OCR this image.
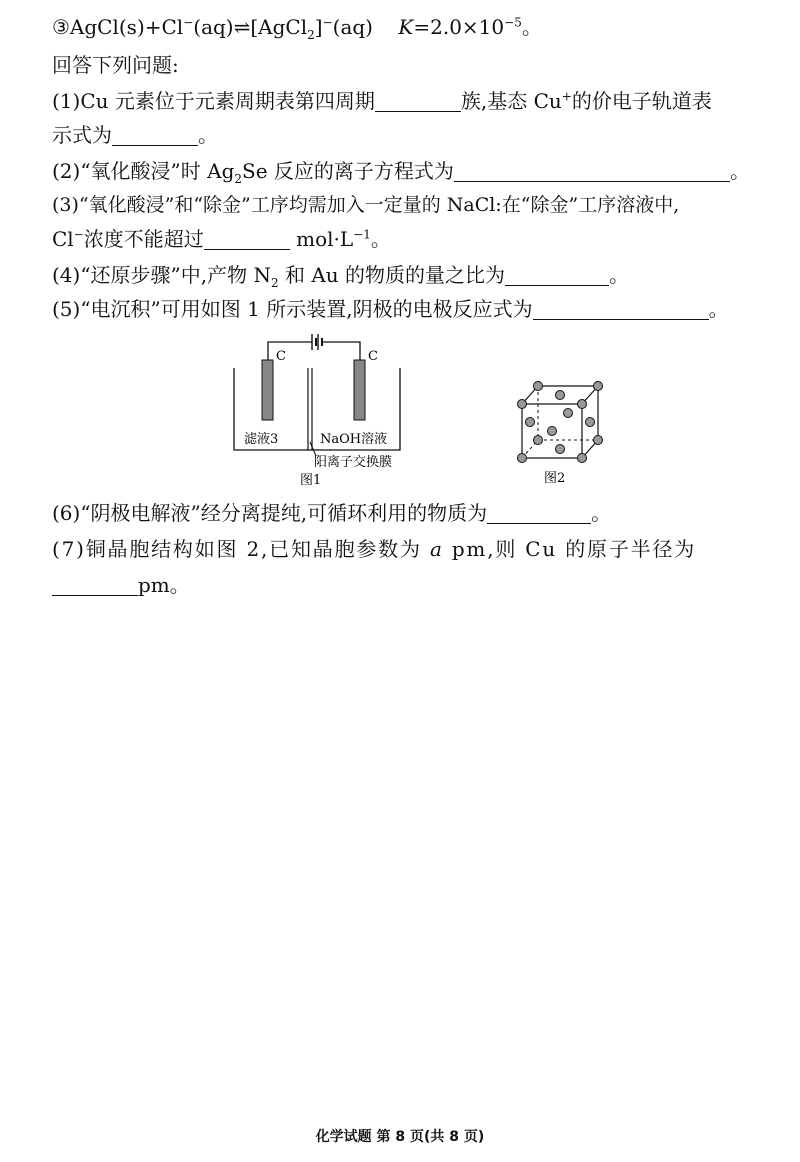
③AgCl(s)+Cl−(aq)⇌[AgCl$_2$]−(aq)    $K=2.0\times 10^{-5}$。
回答下列问题:
(1)Cu 元素位于元素周期表第四周期	族,基态 Cu+的价电子轨道表
示式为	。
(2)“氧化酸浸”时 $Ag_2Se$ 反应的离子方程式为	。
(3)“氧化酸浸”和“除金”工序均需加入一定量的 NaCl:在“除金”工序溶液中,
Cl−浓度不能超过	$mol\cdot L^{-1}$。
(4)“还原步骤”中,产物 $N_2$ 和 Au 的物质的量之比为	。
(5)“电沉积”可用如图 1 所示装置,阴极的电极反应式为	。
C	C
滤液3	NaOH溶液
阳离子交换膜
图1	图2
(6)“阴极电解液”经分离提纯,可循环利用的物质为	。
(7)铜晶胞结构如图 2,已知晶胞参数为 a pm,则 Cu 的原子半径为
pm。
化学试题 第 8 页(共 8 页)
